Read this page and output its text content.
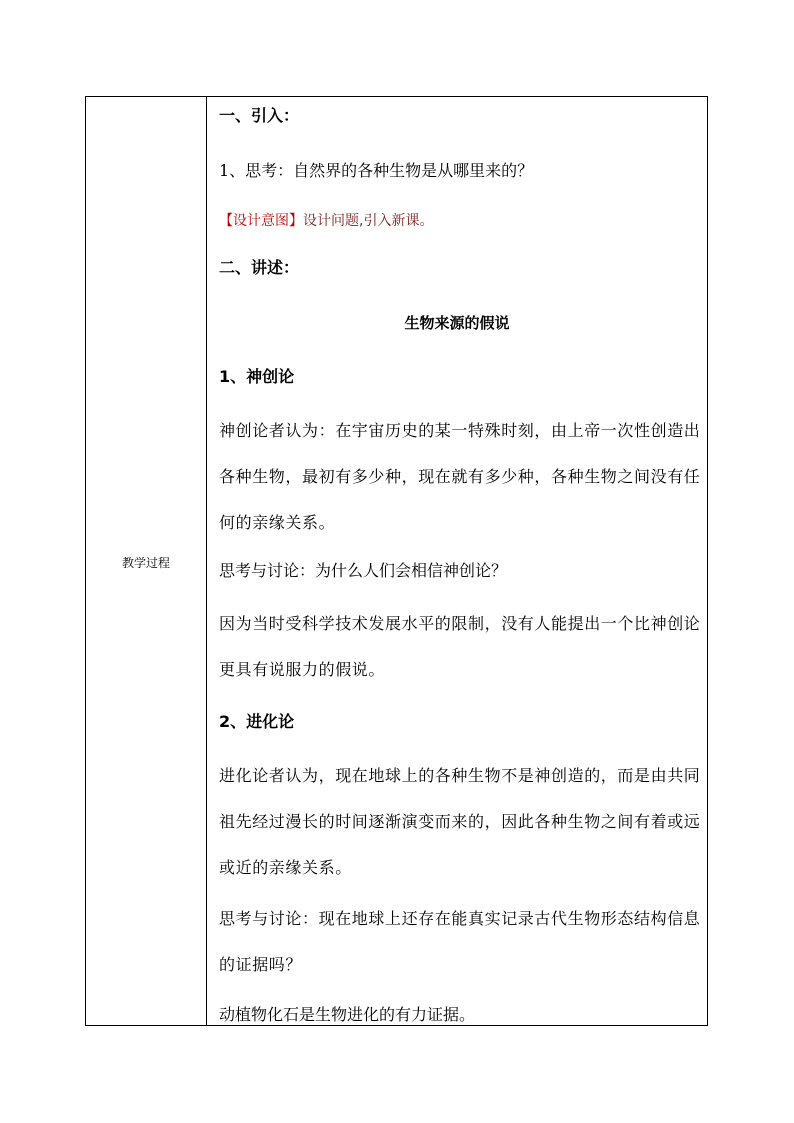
教学过程	
一、引入：
1、思考：自然界的各种生物是从哪里来的？
【设计意图】设计问题,引入新课。
二、讲述：
生物来源的假说
1、神创论
神创论者认为：在宇宙历史的某一特殊时刻，由上帝一次性创造出各种生物，最初有多少种，现在就有多少种，各种生物之间没有任何的亲缘关系。
思考与讨论：为什么人们会相信神创论？
因为当时受科学技术发展水平的限制，没有人能提出一个比神创论更具有说服力的假说。
2、进化论
进化论者认为，现在地球上的各种生物不是神创造的，而是由共同祖先经过漫长的时间逐渐演变而来的，因此各种生物之间有着或远或近的亲缘关系。
思考与讨论：现在地球上还存在能真实记录古代生物形态结构信息的证据吗？
动植物化石是生物进化的有力证据。
